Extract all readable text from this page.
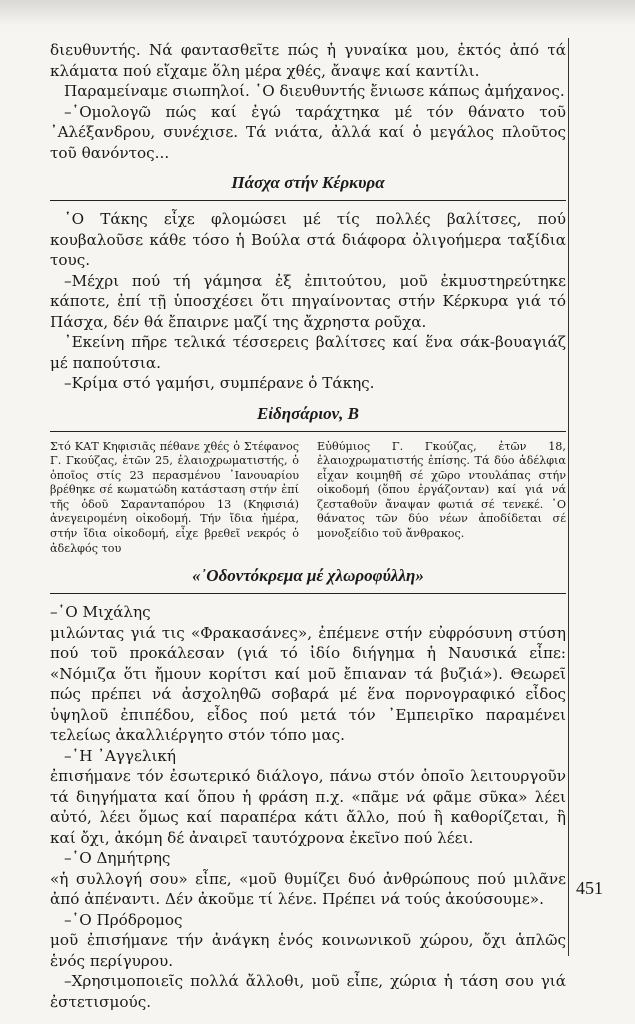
διευθυντής. Νά φαντασθεῖτε πώς ἡ γυναίκα μου, ἐκτός ἀπό τά κλάματα πού εἴχαμε ὅλη μέρα χθές, ἄναψε καί καντίλι.

Παραμείναμε σιωπηλοί. ῾Ο διευθυντής ἔνιωσε κάπως ἀμήχανος.

–῾Ομολογῶ πώς καί ἐγώ ταράχτηκα μέ τόν θάνατο τοῦ ᾽Αλέξανδρου, συνέχισε. Τά νιάτα, ἀλλά καί ὁ μεγάλος πλοῦτος τοῦ θανόντος...

Πάσχα στήν Κέρκυρα

῾Ο Τάκης εἶχε φλομώσει μέ τίς πολλές βαλίτσες, πού κουβαλοῦσε κάθε τόσο ἡ Βούλα στά διάφορα ὀλιγοήμερα ταξίδια τους.

–Μέχρι πού τή γάμησα ἐξ ἐπιτούτου, μοῦ ἐκμυστηρεύτηκε κάποτε, ἐπί τῇ ὑποσχέσει ὅτι πηγαίνοντας στήν Κέρκυρα γιά τό Πάσχα, δέν θά ἔπαιρνε μαζί της ἄχρηστα ροῦχα.

᾽Εκείνη πῆρε τελικά τέσσερεις βαλίτσες καί ἕνα σάκ-βουαγιάζ μέ παπούτσια.

–Κρίμα στό γαμήσι, συμπέρανε ὁ Τάκης.

Εἰδησάριον, Β

Στό ΚΑΤ Κηφισιᾶς πέθανε χθές ὁ Στέφανος Γ. Γκούζας, ἐτῶν 25, ἐλαιοχρωματιστής, ὁ ὁποῖος στίς 23 περασμένου ᾽Ιανουαρίου βρέθηκε σέ κωματώδη κατάσταση στήν ἐπί τῆς ὁδοῦ Σαρανταπόρου 13 (Κηφισιά) ἀνεγειρομένη οἰκοδομή. Τήν ἴδια ἡμέρα, στήν ἴδια οἰκοδομή, εἶχε βρεθεῖ νεκρός ὁ ἀδελφός του

Εὐθύμιος Γ. Γκούζας, ἐτῶν 18, ἐλαιοχρωματιστής ἐπίσης. Τά δύο ἀδέλφια εἶχαν κοιμηθῆ σέ χῶρο ντουλάπας στήν οἰκοδομή (ὅπου ἐργάζονταν) καί γιά νά ζεσταθοῦν ἄναψαν φωτιά σέ τενεκέ. ῾Ο θάνατος τῶν δύο νέων ἀποδίδεται σέ μονοξείδιο τοῦ ἄνθρακος.

«᾽Οδοντόκρεμα μέ χλωροφύλλη»

–῾Ο Μιχάλης

μιλώντας γιά τις «Φρακασάνες», ἐπέμενε στήν εὐφρόσυνη στύση πού τοῦ προκάλεσαν (γιά τό ἰδίο διήγημα ἡ Ναυσικά εἶπε: «Νόμιζα ὅτι ἤμουν κορίτσι καί μοῦ ἔπιαναν τά βυζιά»). Θεωρεῖ πώς πρέπει νά ἀσχοληθῶ σοβαρά μέ ἕνα πορνογραφικό εἶδος ὑψηλοῦ ἐπιπέδου, εἶδος πού μετά τόν ᾽Εμπειρῖκο παραμένει τελείως ἀκαλλιέργητο στόν τόπο μας.

–῾Η ᾽Αγγελική

ἐπισήμανε τόν ἐσωτερικό διάλογο, πάνω στόν ὁποῖο λειτουργοῦν τά διηγήματα καί ὅπου ἡ φράση π.χ. «πᾶμε νά φᾶμε σῦκα» λέει αὐτό, λέει ὅμως καί παραπέρα κάτι ἄλλο, πού ἢ καθορίζεται, ἢ καί ὄχι, ἀκόμη δέ ἀναιρεῖ ταυτόχρονα ἐκεῖνο πού λέει.

–῾Ο Δημήτρης

«ἡ συλλογή σου» εἶπε, «μοῦ θυμίζει δυό ἀνθρώπους πού μιλᾶνε ἀπό ἀπέναντι. Δέν ἀκοῦμε τί λένε. Πρέπει νά τούς ἀκούσουμε».

–῾Ο Πρόδρομος

μοῦ ἐπισήμανε τήν ἀνάγκη ἑνός κοινωνικοῦ χώρου, ὄχι ἁπλῶς ἑνός περίγυρου.

–Χρησιμοποιεῖς πολλά ἄλλοθι, μοῦ εἶπε, χώρια ἡ τάση σου γιά ἐστετισμούς.

451
